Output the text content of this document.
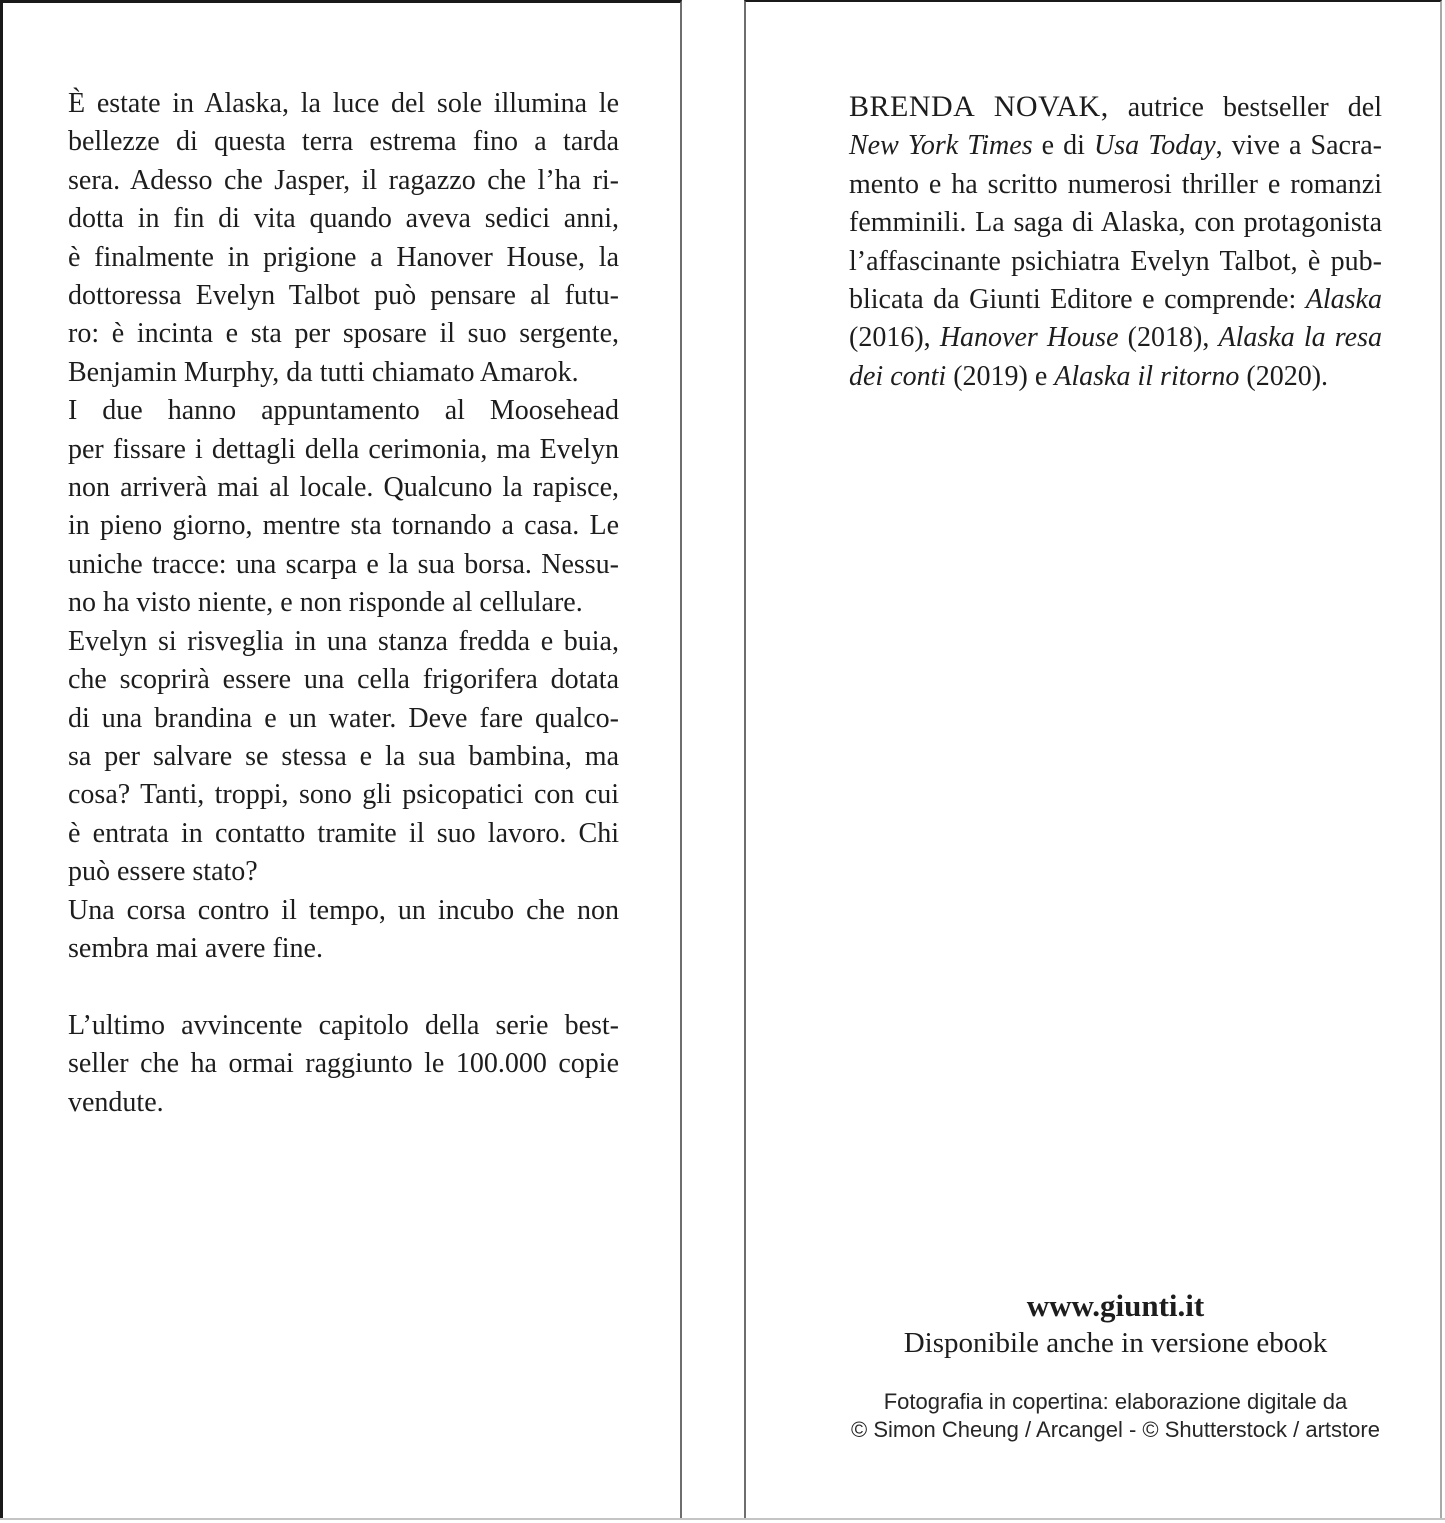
È estate in Alaska, la luce del sole illumina le
bellezze di questa terra estrema fino a tarda
sera. Adesso che Jasper, il ragazzo che l’ha ri-
dotta in fin di vita quando aveva sedici anni,
è finalmente in prigione a Hanover House, la
dottoressa Evelyn Talbot può pensare al futu-
ro: è incinta e sta per sposare il suo sergente,
Benjamin Murphy, da tutti chiamato Amarok.
I due hanno appuntamento al Moosehead
per fissare i dettagli della cerimonia, ma Evelyn
non arriverà mai al locale. Qualcuno la rapisce,
in pieno giorno, mentre sta tornando a casa. Le
uniche tracce: una scarpa e la sua borsa. Nessu-
no ha visto niente, e non risponde al cellulare.
Evelyn si risveglia in una stanza fredda e buia,
che scoprirà essere una cella frigorifera dotata
di una brandina e un water. Deve fare qualco-
sa per salvare se stessa e la sua bambina, ma
cosa? Tanti, troppi, sono gli psicopatici con cui
è entrata in contatto tramite il suo lavoro. Chi
può essere stato?
Una corsa contro il tempo, un incubo che non
sembra mai avere fine.
L’ultimo avvincente capitolo della serie best-
seller che ha ormai raggiunto le 100.000 copie
vendute.
BRENDA NOVAK, autrice bestseller del
New York Times e di Usa Today, vive a Sacra-
mento e ha scritto numerosi thriller e romanzi
femminili. La saga di Alaska, con protagonista
l’affascinante psichiatra Evelyn Talbot, è pub-
blicata da Giunti Editore e comprende: Alaska
(2016), Hanover House (2018), Alaska la resa
dei conti (2019) e Alaska il ritorno (2020).
www.giunti.it
Disponibile anche in versione ebook
Fotografia in copertina: elaborazione digitale da
© Simon Cheung / Arcangel - © Shutterstock / artstore
